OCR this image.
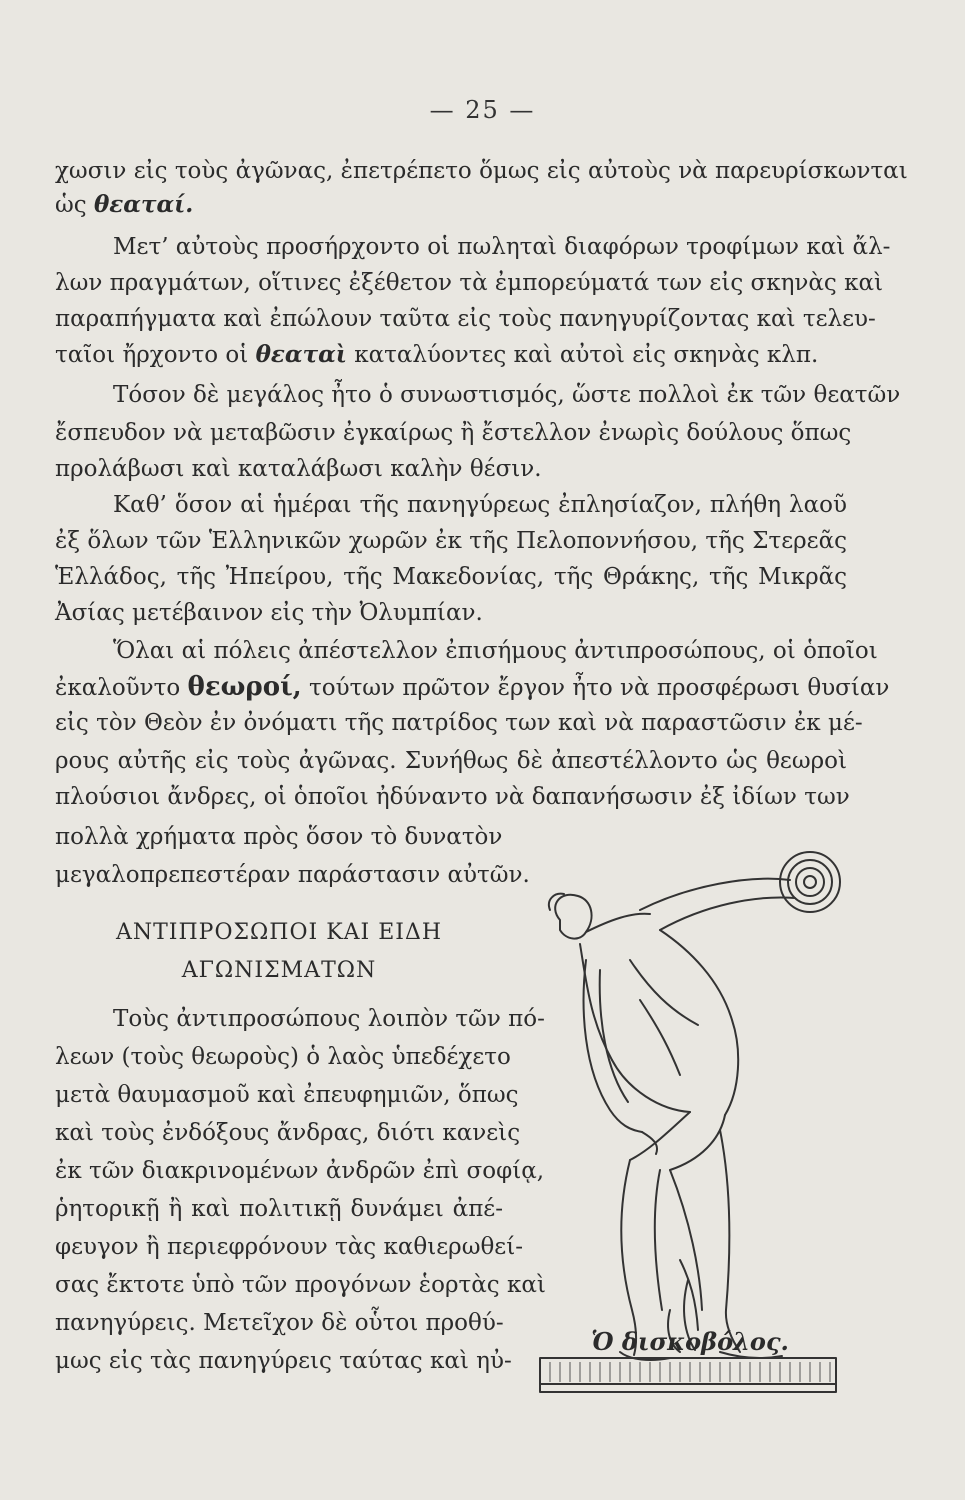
— 25 —
χωσιν εἰς τοὺς ἀγῶνας, ἐπετρέπετο ὅμως εἰς αὐτοὺς νὰ παρευρίσκωνται
ὡς θεαταί.
Μετ’ αὐτοὺς προσήρχοντο οἱ πωληταὶ διαφόρων τροφίμων καὶ ἄλ-
λων πραγμάτων, οἵτινες ἐξέθετον τὰ ἐμπορεύματά των εἰς σκηνὰς καὶ
παραπήγματα καὶ ἐπώλουν ταῦτα εἰς τοὺς πανηγυρίζοντας καὶ τελευ-
ταῖοι ἤρχοντο οἱ θεαταὶ καταλύοντες καὶ αὐτοὶ εἰς σκηνὰς κλπ.
Τόσον δὲ μεγάλος ἦτο ὁ συνωστισμός, ὥστε πολλοὶ ἐκ τῶν θεατῶν
ἔσπευδον νὰ μεταβῶσιν ἐγκαίρως ἢ ἔστελλον ἐνωρὶς δούλους ὅπως
προλάβωσι καὶ καταλάβωσι καλὴν θέσιν.
Καθ’ ὅσον αἱ ἡμέραι τῆς πανηγύρεως ἐπλησίαζον, πλήθη λαοῦ
ἐξ ὅλων τῶν Ἑλληνικῶν χωρῶν ἐκ τῆς Πελοποννήσου, τῆς Στερεᾶς
Ἑλλάδος, τῆς Ἠπείρου, τῆς Μακεδονίας, τῆς Θράκης, τῆς Μικρᾶς
Ἀσίας μετέβαινον εἰς τὴν Ὀλυμπίαν.
Ὅλαι αἱ πόλεις ἀπέστελλον ἐπισήμους ἀντιπροσώπους, οἱ ὁποῖοι
ἐκαλοῦντο θεωροί, τούτων πρῶτον ἔργον ἦτο νὰ προσφέρωσι θυσίαν
εἰς τὸν Θεὸν ἐν ὀνόματι τῆς πατρίδος των καὶ νὰ παραστῶσιν ἐκ μέ-
ρους αὐτῆς εἰς τοὺς ἀγῶνας. Συνήθως δὲ ἀπεστέλλοντο ὡς θεωροὶ
πλούσιοι ἄνδρες, οἱ ὁποῖοι ἠδύναντο νὰ δαπανήσωσιν ἐξ ἰδίων των
πολλὰ χρήματα πρὸς ὅσον τὸ δυνατὸν
μεγαλοπρεπεστέραν παράστασιν αὐτῶν.
ΑΝΤΙΠΡΟΣΩΠΟΙ ΚΑΙ ΕΙΔΗ
ΑΓΩΝΙΣΜΑΤΩΝ
Τοὺς ἀντιπροσώπους λοιπὸν τῶν πό-
λεων (τοὺς θεωροὺς) ὁ λαὸς ὑπεδέχετο
μετὰ θαυμασμοῦ καὶ ἐπευφημιῶν, ὅπως
καὶ τοὺς ἐνδόξους ἄνδρας, διότι κανεὶς
ἐκ τῶν διακρινομένων ἀνδρῶν ἐπὶ σοφίᾳ,
ῥητορικῇ ἢ καὶ πολιτικῇ δυνάμει ἀπέ-
φευγον ἢ περιεφρόνουν τὰς καθιερωθεί-
σας ἔκτοτε ὑπὸ τῶν προγόνων ἑορτὰς καὶ
πανηγύρεις. Μετεῖχον δὲ οὗτοι προθύ-
μως εἰς τὰς πανηγύρεις ταύτας καὶ ηὐ-
Ὁ δισκοβόλος.
